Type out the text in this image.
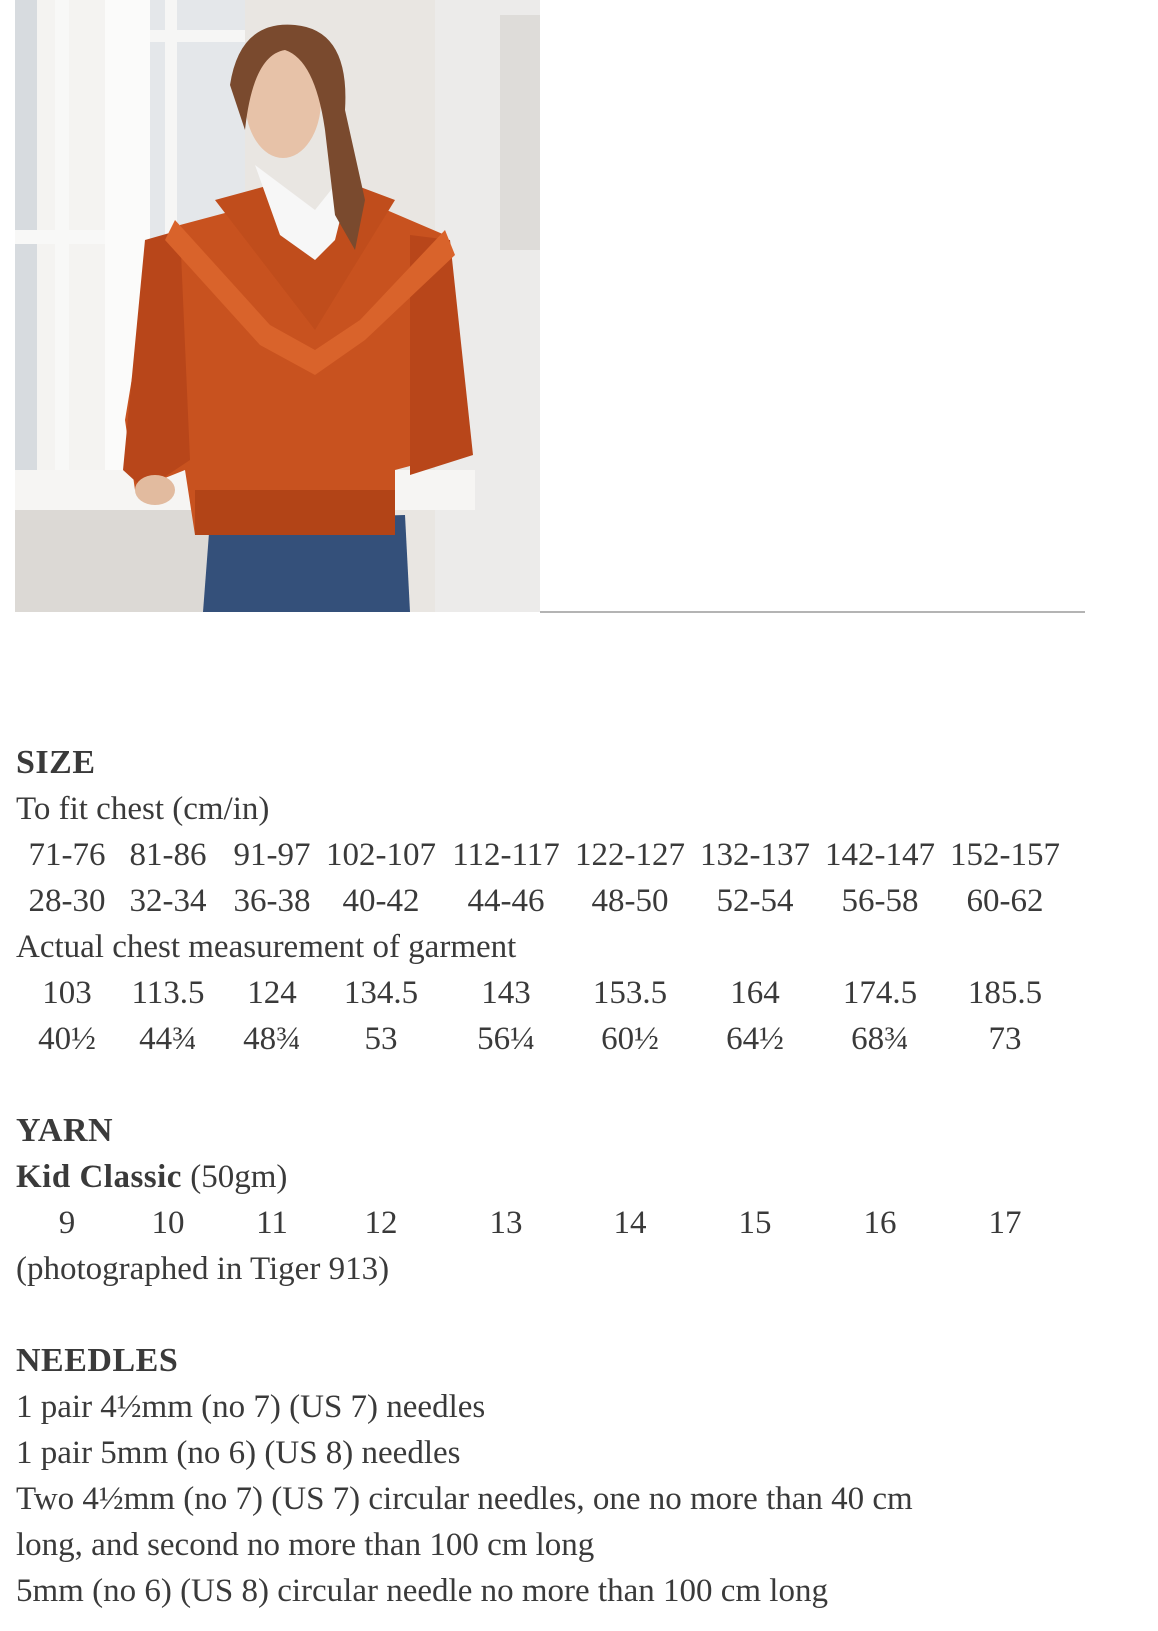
SIZE
To fit chest (cm/in)
71-76 81-86 91-97 102-107 112-117 122-127 132-137 142-147 152-157
28-30 32-34 36-38 40-42	44-46	48-50	52-54	56-58	60-62
Actual chest measurement of garment
103	113.5	124	134.5	143	153.5	164	174.5	185.5
40½	44¾	48¾	53	56¼	60½	64½	68¾	73
YARN
Kid Classic (50gm)
9	10	11	12	13	14	15	16	17
(photographed in Tiger 913)
NEEDLES
1 pair 4½mm (no 7) (US 7) needles
1 pair 5mm (no 6) (US 8) needles
Two 4½mm (no 7) (US 7) circular needles, one no more than 40 cm
long, and second no more than 100 cm long
5mm (no 6) (US 8) circular needle no more than 100 cm long
